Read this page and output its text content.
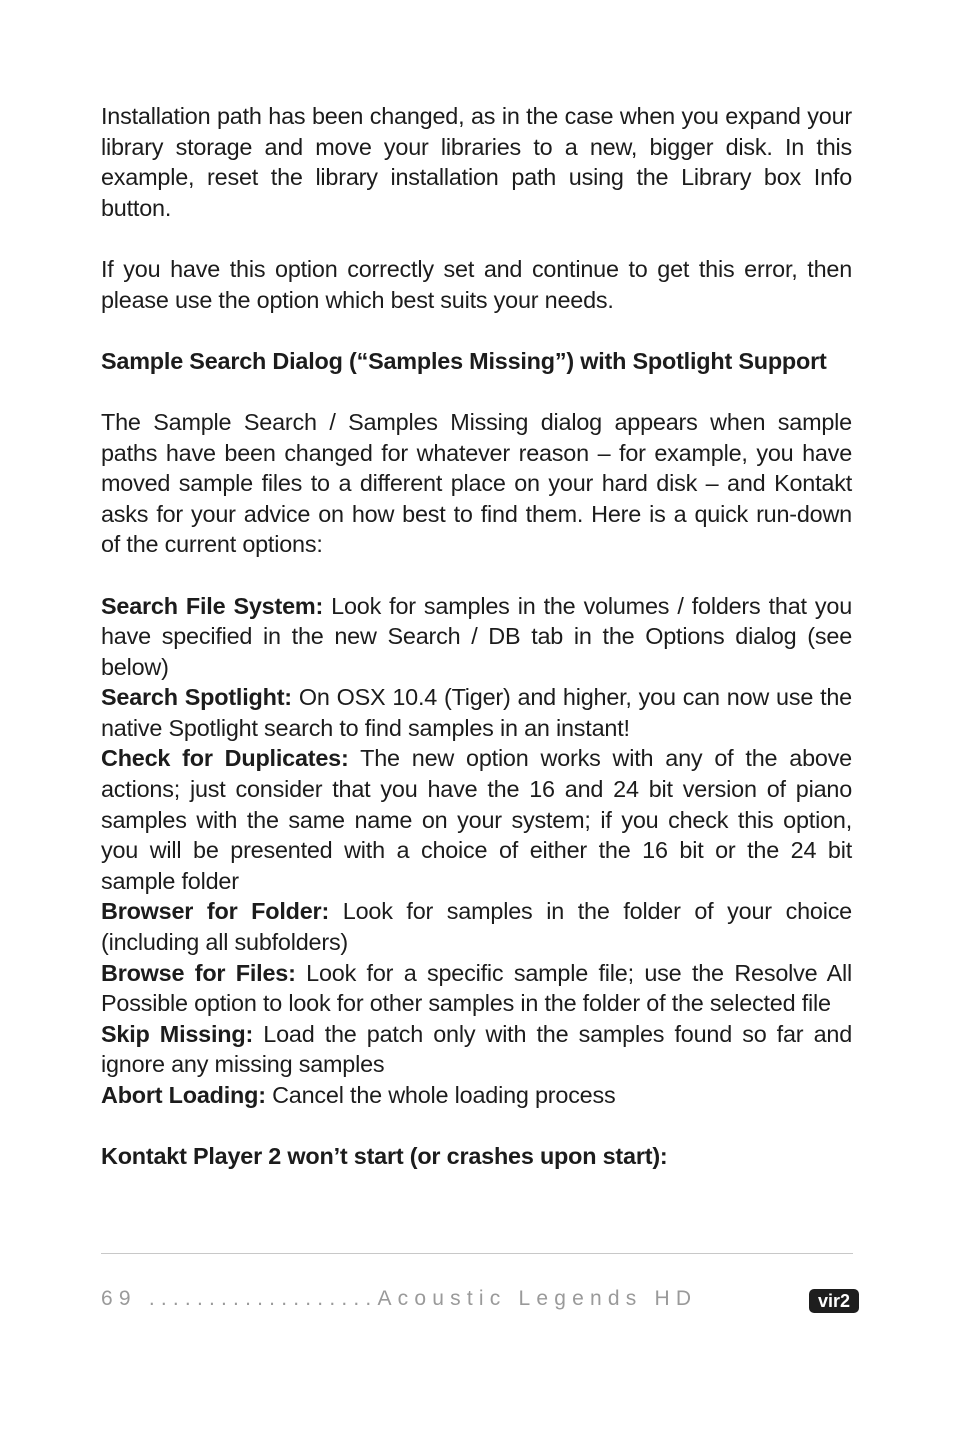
Installation path has been changed, as in the case when you expand your library storage and move your libraries to a new, bigger disk. In this example, reset the library installation path using the Library box Info button.

If you have this option correctly set and continue to get this error, then please use the option which best suits your needs.

Sample Search Dialog (“Samples Missing”) with Spotlight Support

The Sample Search / Samples Missing dialog appears when sample paths have been changed for whatever reason – for example, you have moved sample files to a different place on your hard disk – and Kontakt asks for your advice on how best to find them. Here is a quick run-down of the current options:

Search File System: Look for samples in the volumes / folders that you have specified in the new Search / DB tab in the Options dialog (see below)

Search Spotlight: On OSX 10.4 (Tiger) and higher, you can now use the native Spotlight search to find samples in an instant!

Check for Duplicates: The new option works with any of the above actions; just consider that you have the 16 and 24 bit version of piano samples with the same name on your system; if you check this option, you will be presented with a choice of either the 16 bit or the 24 bit sample folder

Browser for Folder: Look for samples in the folder of your choice (including all subfolders)

Browse for Files: Look for a specific sample file; use the Resolve All Possible option to look for other samples in the folder of the selected file

Skip Missing: Load the patch only with the samples found so far and ignore any missing samples

Abort Loading: Cancel the whole loading process

Kontakt Player 2 won’t start (or crashes upon start):

69 ...................Acoustic Legends HD	vir2
